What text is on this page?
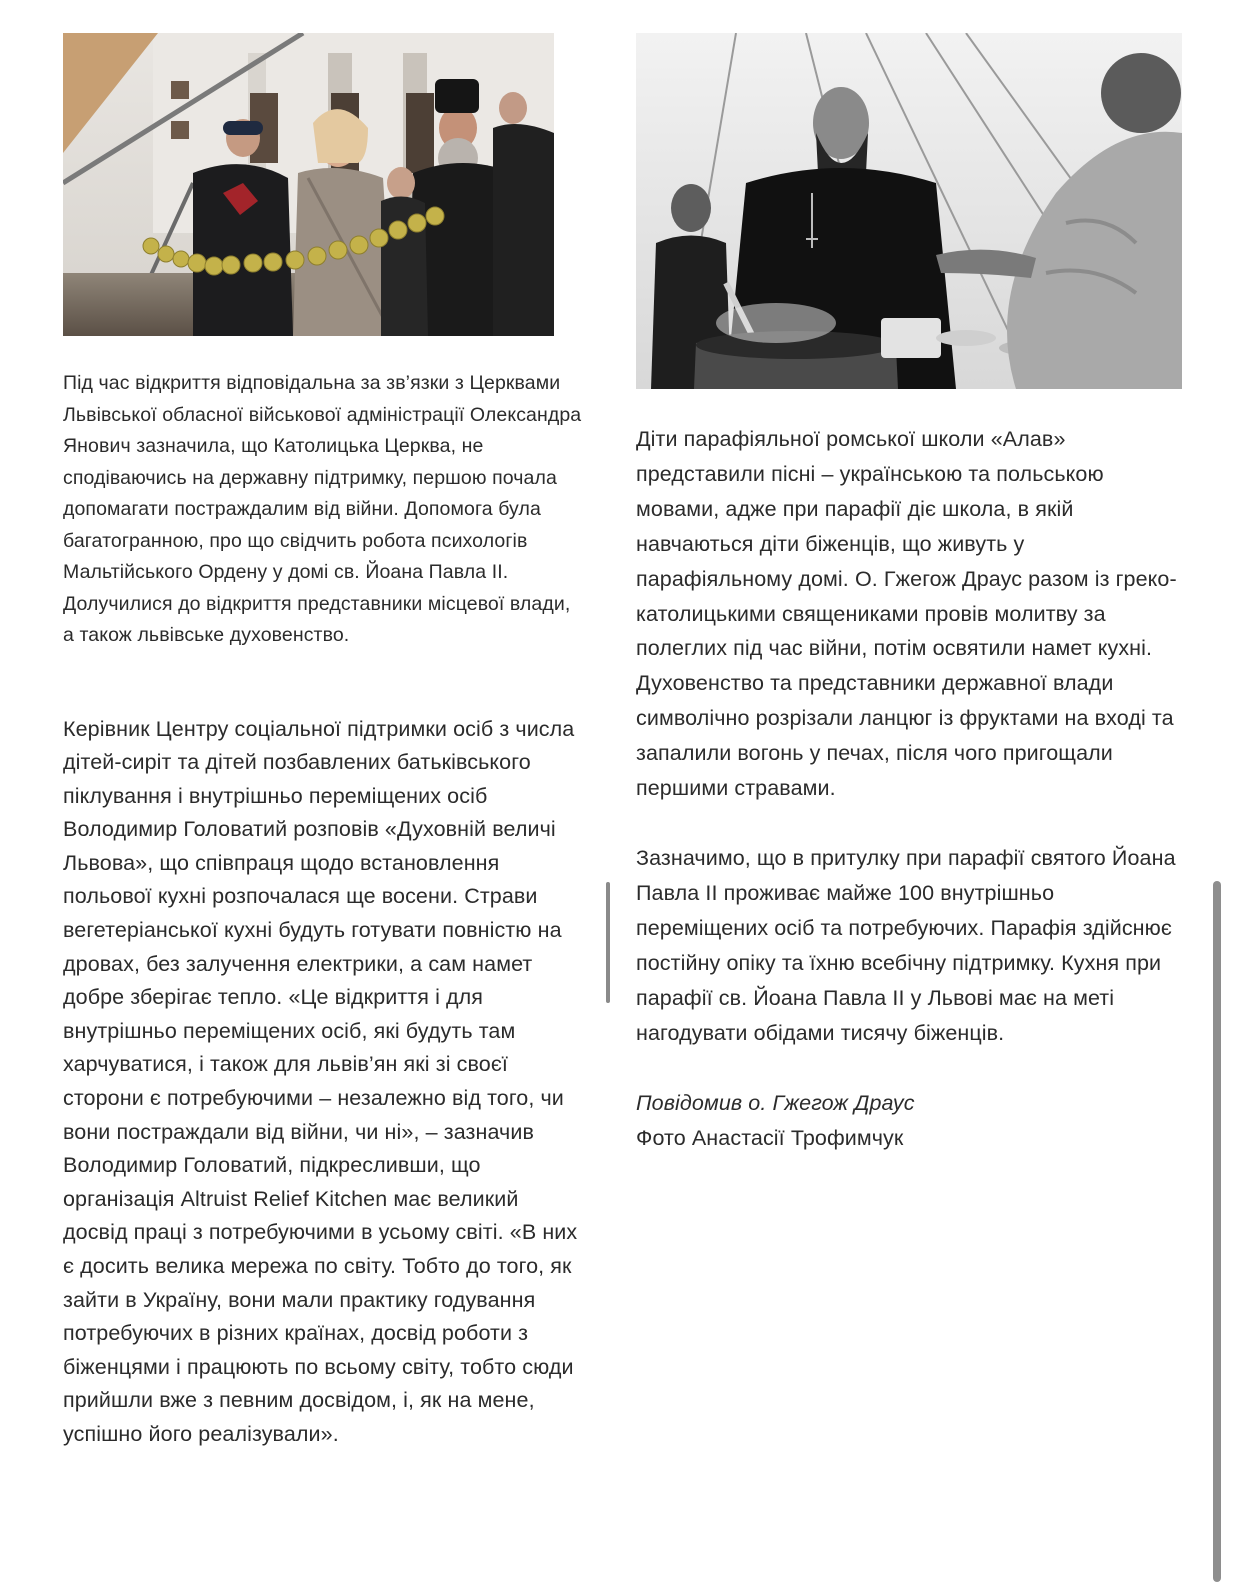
Під час відкриття відповідальна за зв’язки з Церквами Львівської обласної військової адміністрації Олександра Янович зазначила, що Католицька Церква, не сподіваючись на державну підтримку, першою почала допомагати постраждалим від війни. Допомога була багатогранною, про що свідчить робота психологів Мальтійського Ордену у домі св. Йоана Павла ІІ. Долучилися до відкриття представники місцевої влади, а також львівське духовенство.

Керівник Центру соціальної підтримки осіб з числа дітей-сиріт та дітей позбавлених батьківського піклування і внутрішньо переміщених осіб Володимир Головатий розповів «Духовній величі Львова», що співпраця щодо встановлення польової кухні розпочалася ще восени. Страви вегетеріанської кухні будуть готувати повністю на дровах, без залучення електрики, а сам намет добре зберігає тепло. «Це відкриття і для внутрішньо переміщених осіб, які будуть там харчуватися, і також для львів’ян які зі своєї сторони є потребуючими – незалежно від того, чи вони постраждали від війни, чи ні», – зазначив Володимир Головатий, підкресливши, що організація Altruist Relief Kitchen має великий досвід праці з потребуючими в усьому світі. «В них є досить велика мережа по світу. Тобто до того, як зайти в Україну, вони мали практику годування потребуючих в різних країнах, досвід роботи з біженцями і працюють по всьому світу, тобто сюди прийшли вже з певним досвідом, і, як на мене, успішно його реалізували».

Діти парафіяльної ромської школи «Алав» представили пісні – українською та польською мовами, адже при парафії діє школа, в якій навчаються діти біженців, що живуть у парафіяльному домі. О. Гжегож Драус разом із греко-католицькими священиками провів молитву за полеглих під час війни, потім освятили намет кухні. Духовенство та представники державної влади символічно розрізали ланцюг із фруктами на вході та запалили вогонь у печах, після чого пригощали першими стравами.

Зазначимо, що в притулку при парафії святого Йоана Павла ІІ проживає майже 100 внутрішньо переміщених осіб та потребуючих. Парафія здійснює постійну опіку та їхню всебічну підтримку. Кухня при парафії св. Йоана Павла ІІ у Львові має на меті нагодувати обідами тисячу біженців.

Повідомив о. Гжегож Драус

Фото Анастасії Трофимчук
